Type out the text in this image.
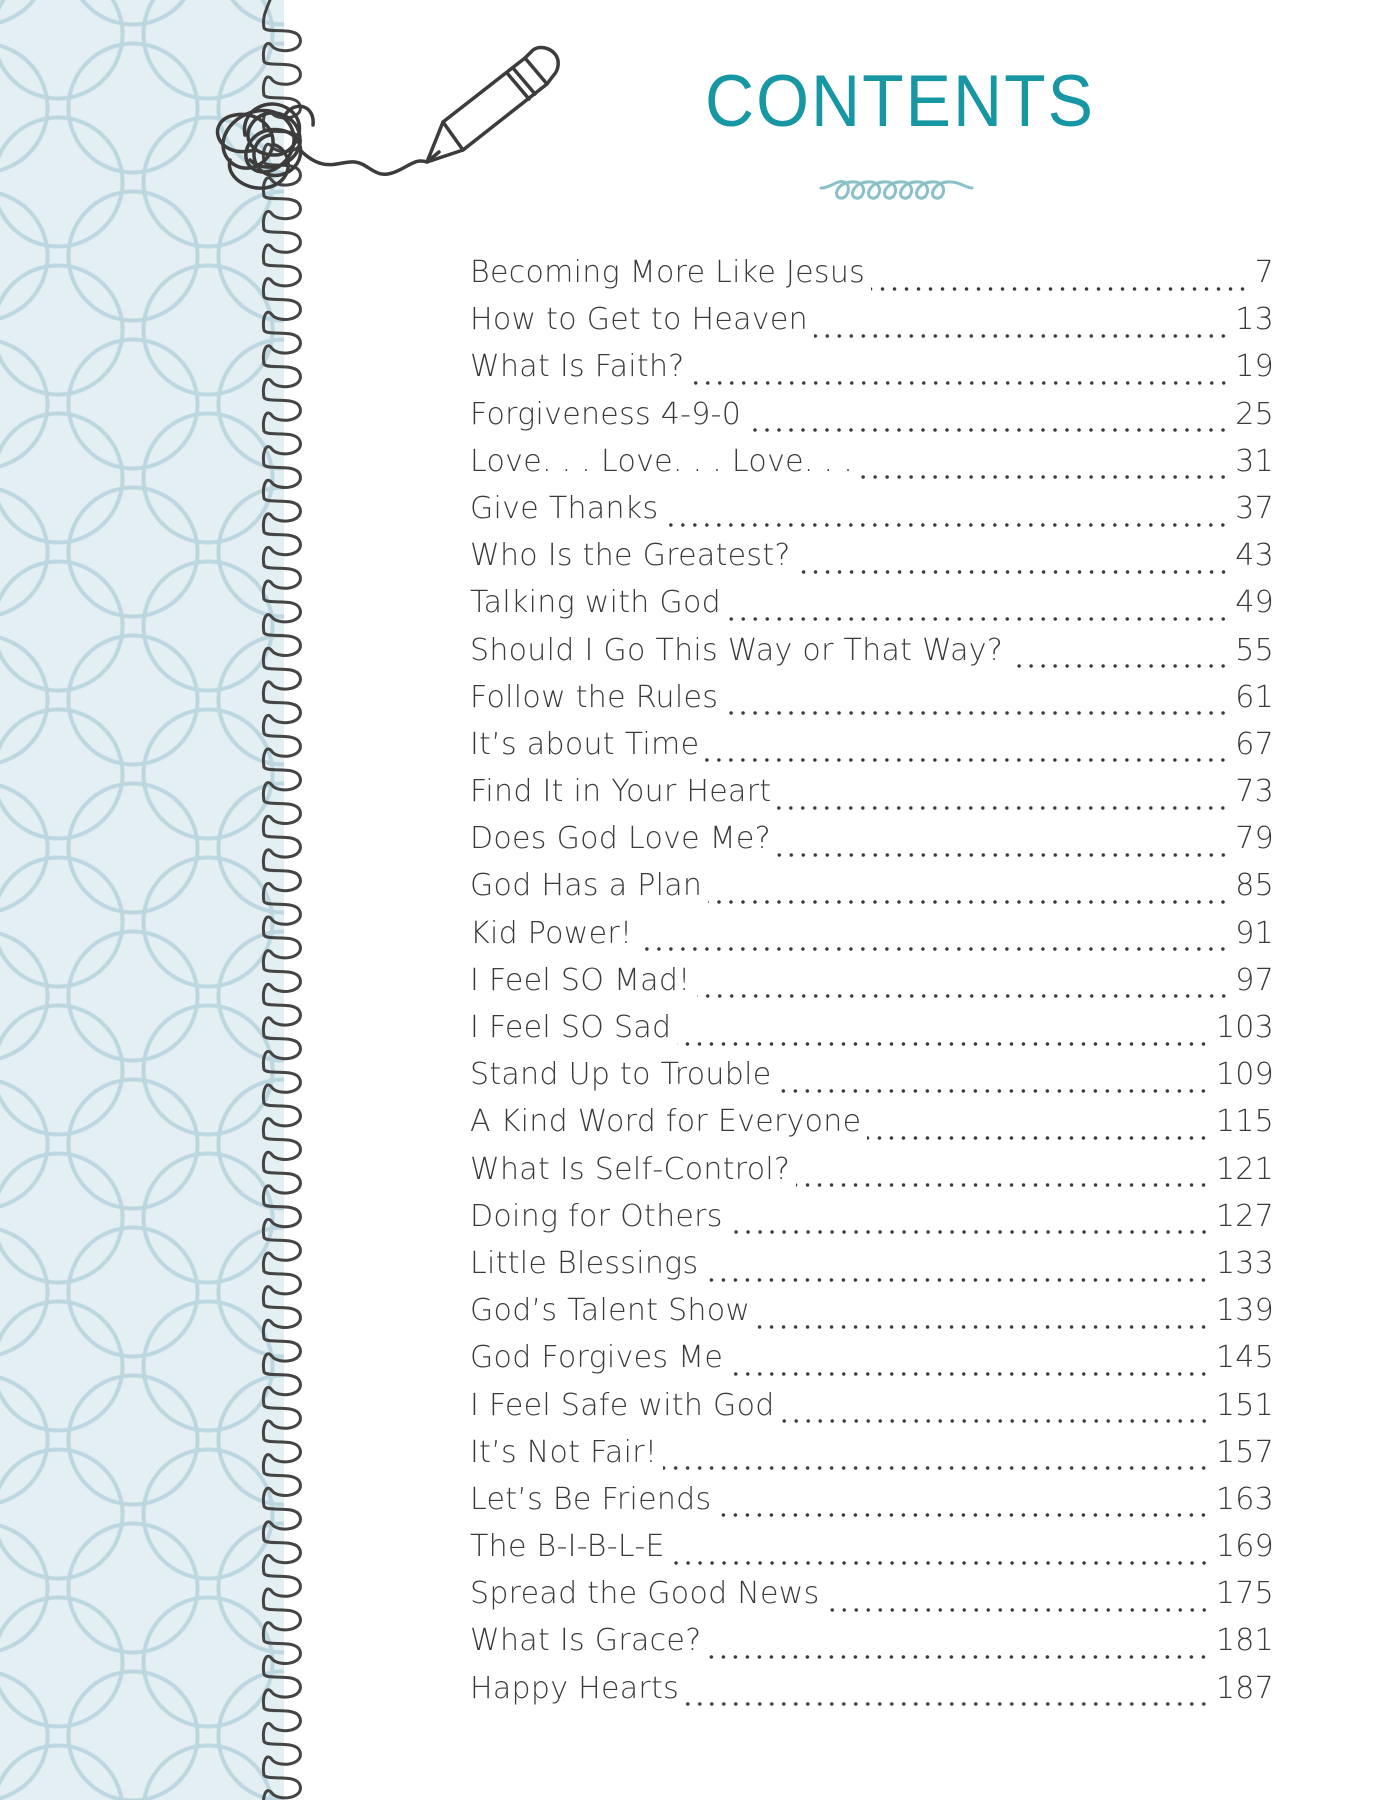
CONTENTS
Becoming More Like Jesus	7
How to Get to Heaven	13
What Is Faith?	19
Forgiveness 4-9-0	25
Love. . . Love. . . Love. . .	31
Give Thanks	37
Who Is the Greatest?	43
Talking with God	49
Should I Go This Way or That Way?	55
Follow the Rules	61
It’s about Time	67
Find It in Your Heart	73
Does God Love Me?	79
God Has a Plan	85
Kid Power!	91
I Feel SO Mad!	97
I Feel SO Sad	103
Stand Up to Trouble	109
A Kind Word for Everyone	115
What Is Self-Control?	121
Doing for Others	127
Little Blessings	133
God’s Talent Show	139
God Forgives Me	145
I Feel Safe with God	151
It’s Not Fair!	157
Let’s Be Friends	163
The B-I-B-L-E	169
Spread the Good News	175
What Is Grace?	181
Happy Hearts	187
